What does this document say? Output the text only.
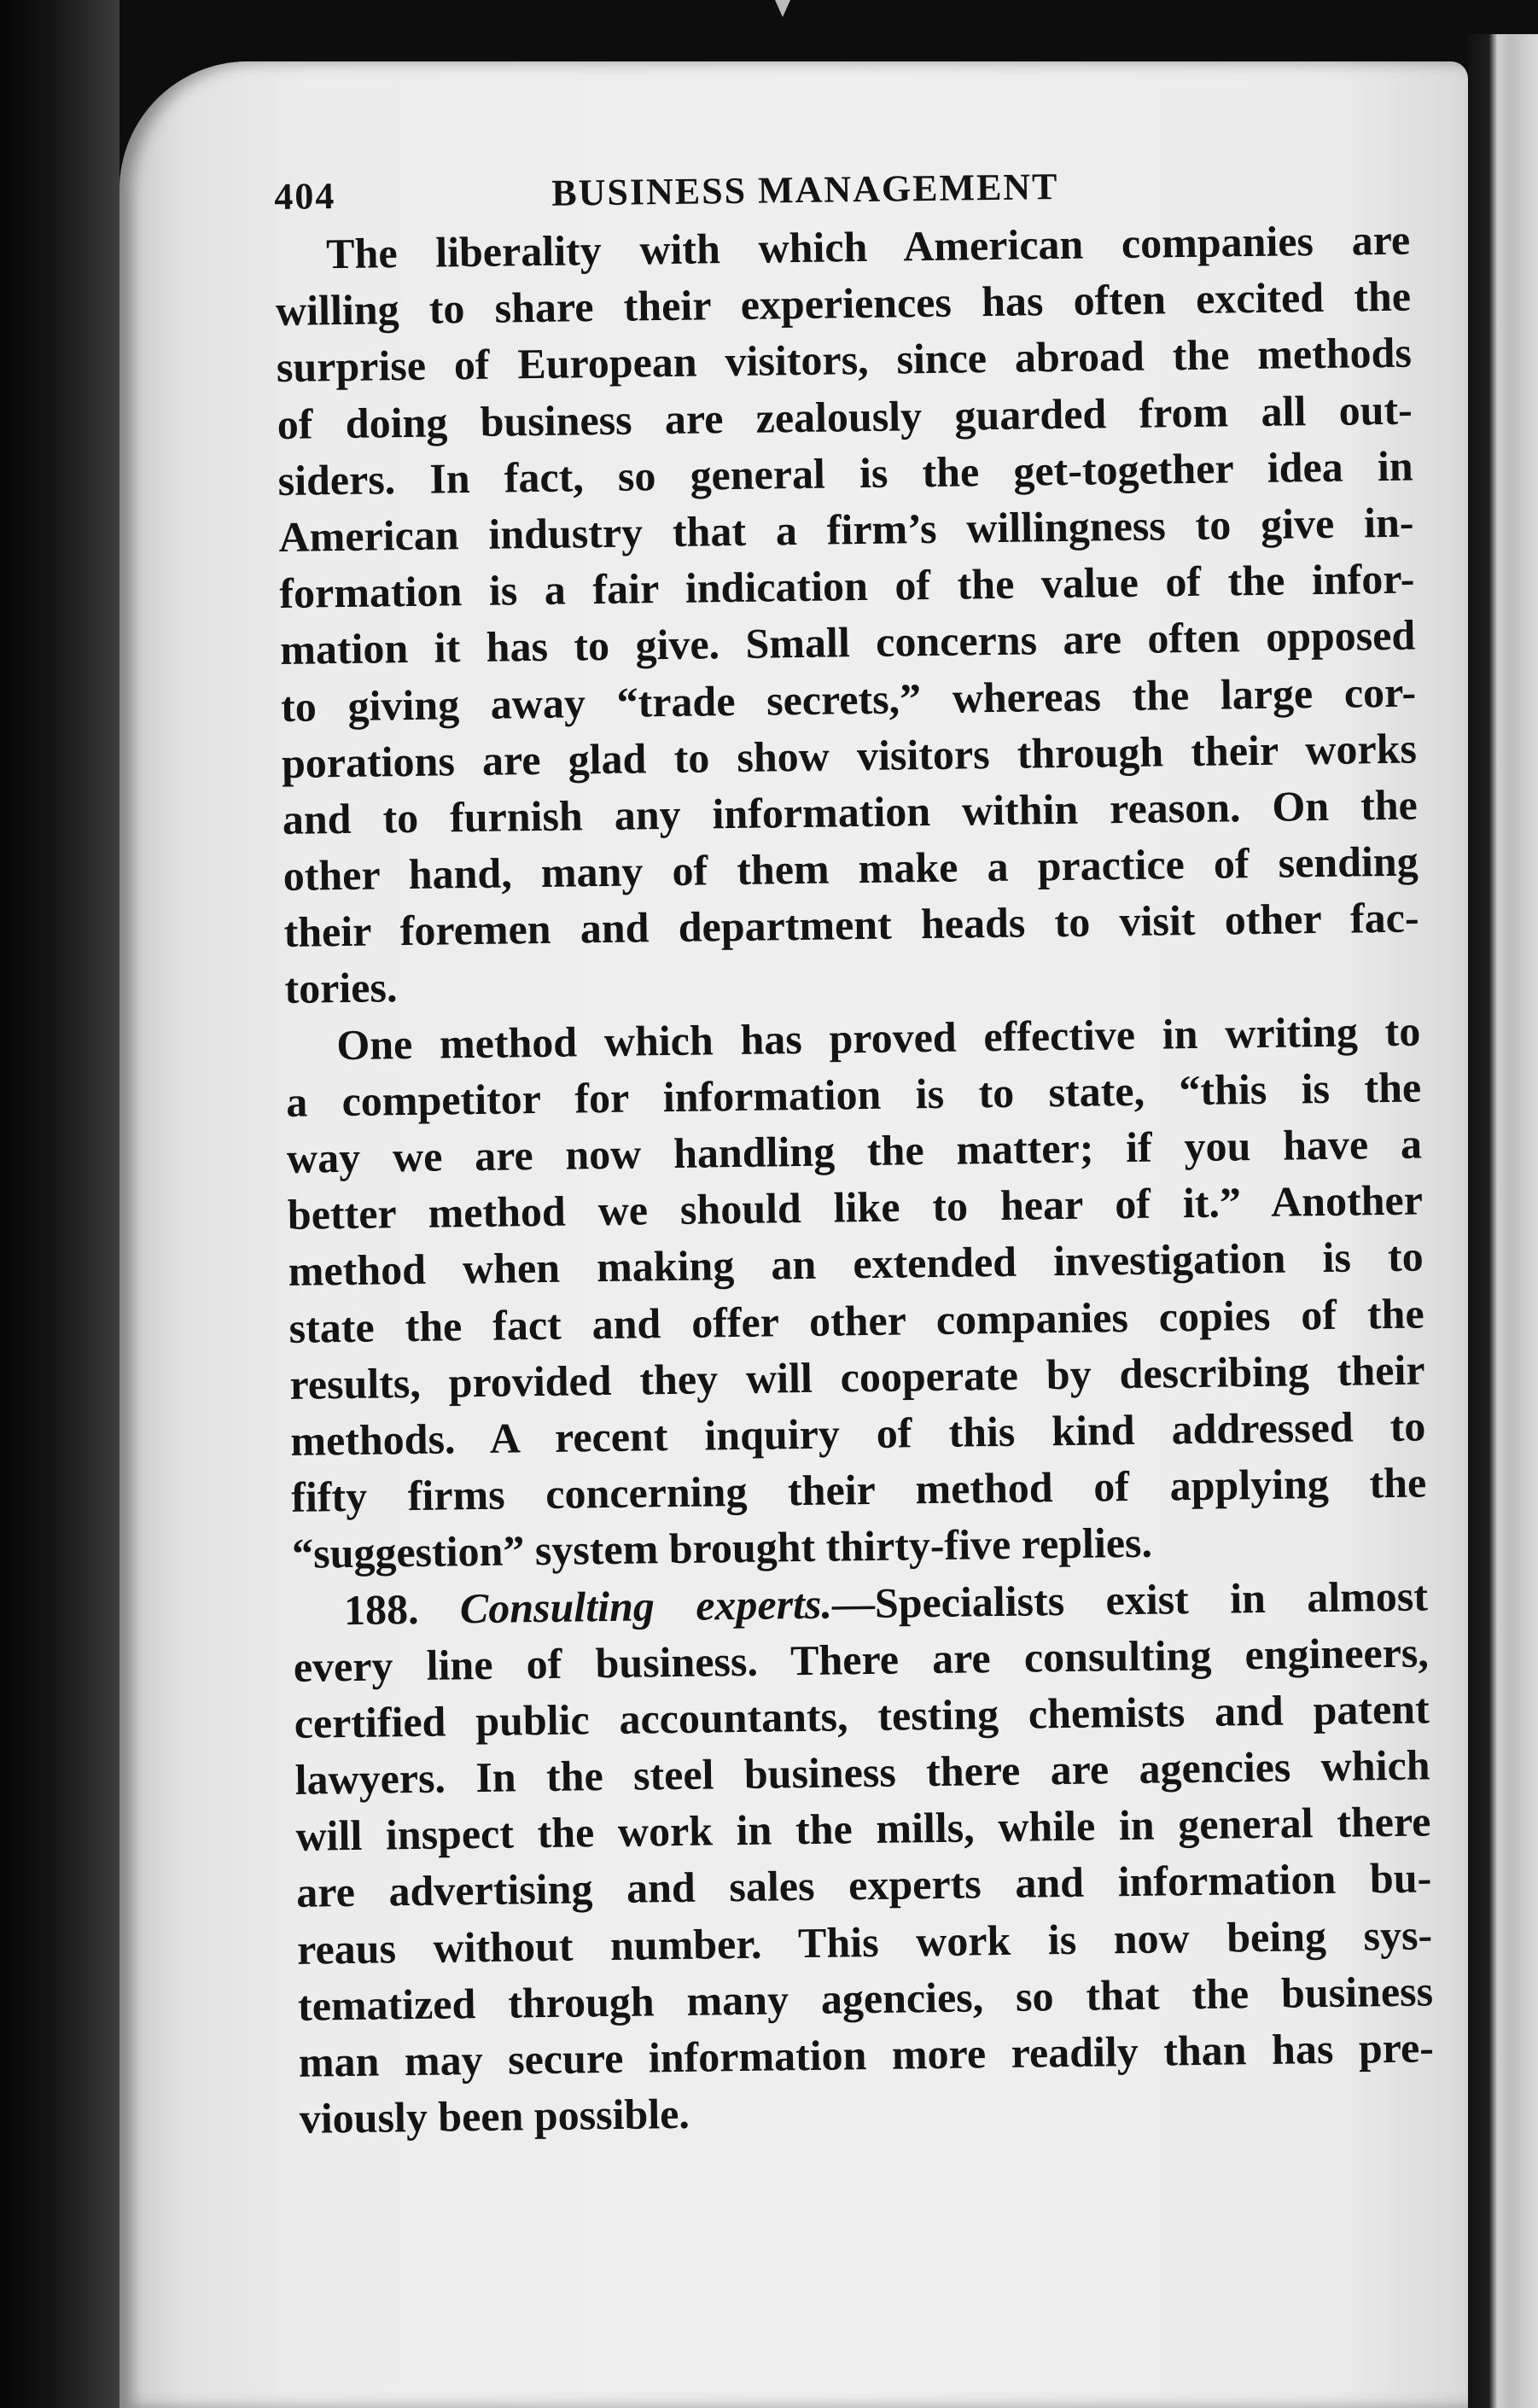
404	BUSINESS MANAGEMENT
The liberality with which American companies are
willing to share their experiences has often excited the
surprise of European visitors, since abroad the methods
of doing business are zealously guarded from all out-
siders. In fact, so general is the get-together idea in
American industry that a firm’s willingness to give in-
formation is a fair indication of the value of the infor-
mation it has to give. Small concerns are often opposed
to giving away “trade secrets,” whereas the large cor-
porations are glad to show visitors through their works
and to furnish any information within reason. On the
other hand, many of them make a practice of sending
their foremen and department heads to visit other fac-
tories.
One method which has proved effective in writing to
a competitor for information is to state, “this is the
way we are now handling the matter; if you have a
better method we should like to hear of it.” Another
method when making an extended investigation is to
state the fact and offer other companies copies of the
results, provided they will cooperate by describing their
methods. A recent inquiry of this kind addressed to
fifty firms concerning their method of applying the
“suggestion” system brought thirty-five replies.
188. Consulting experts.—Specialists exist in almost
every line of business. There are consulting engineers,
certified public accountants, testing chemists and patent
lawyers. In the steel business there are agencies which
will inspect the work in the mills, while in general there
are advertising and sales experts and information bu-
reaus without number. This work is now being sys-
tematized through many agencies, so that the business
man may secure information more readily than has pre-
viously been possible.
